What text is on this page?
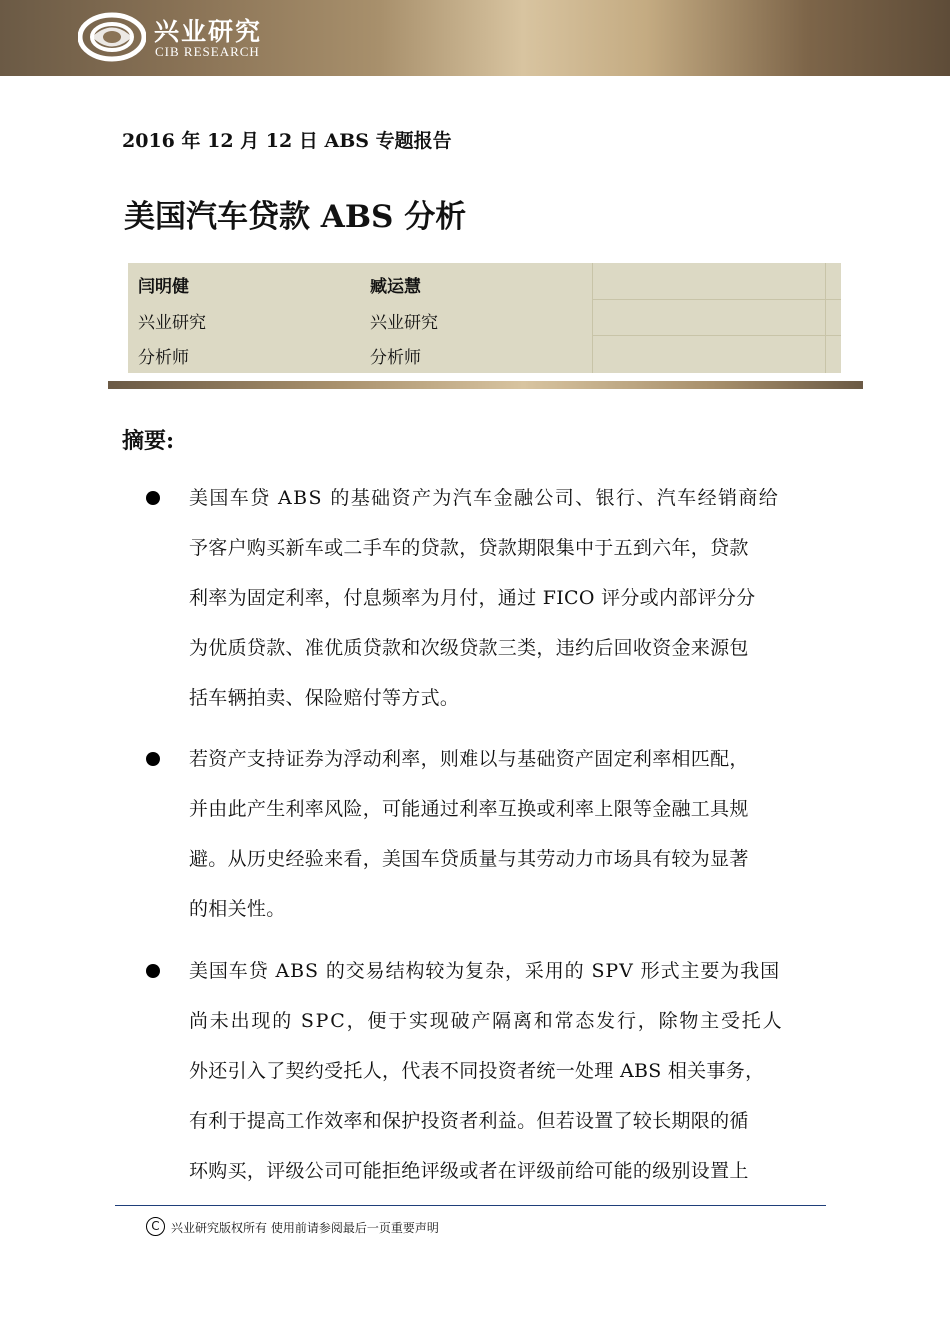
兴业研究
CIB RESEARCH
2016 年 12 月 12 日 ABS 专题报告
美国汽车贷款 ABS 分析
闫明健
兴业研究
分析师
臧运慧
兴业研究
分析师
摘要:
美国车贷 ABS 的基础资产为汽车金融公司、银行、汽车经销商给
予客户购买新车或二手车的贷款，贷款期限集中于五到六年，贷款
利率为固定利率，付息频率为月付，通过 FICO 评分或内部评分分
为优质贷款、准优质贷款和次级贷款三类，违约后回收资金来源包
括车辆拍卖、保险赔付等方式。
若资产支持证券为浮动利率，则难以与基础资产固定利率相匹配，
并由此产生利率风险，可能通过利率互换或利率上限等金融工具规
避。从历史经验来看，美国车贷质量与其劳动力市场具有较为显著
的相关性。
美国车贷 ABS 的交易结构较为复杂，采用的 SPV 形式主要为我国
尚未出现的 SPC，便于实现破产隔离和常态发行，除物主受托人
外还引入了契约受托人，代表不同投资者统一处理 ABS 相关事务，
有利于提高工作效率和保护投资者利益。但若设置了较长期限的循
环购买，评级公司可能拒绝评级或者在评级前给可能的级别设置上
C 兴业研究版权所有 使用前请参阅最后一页重要声明
